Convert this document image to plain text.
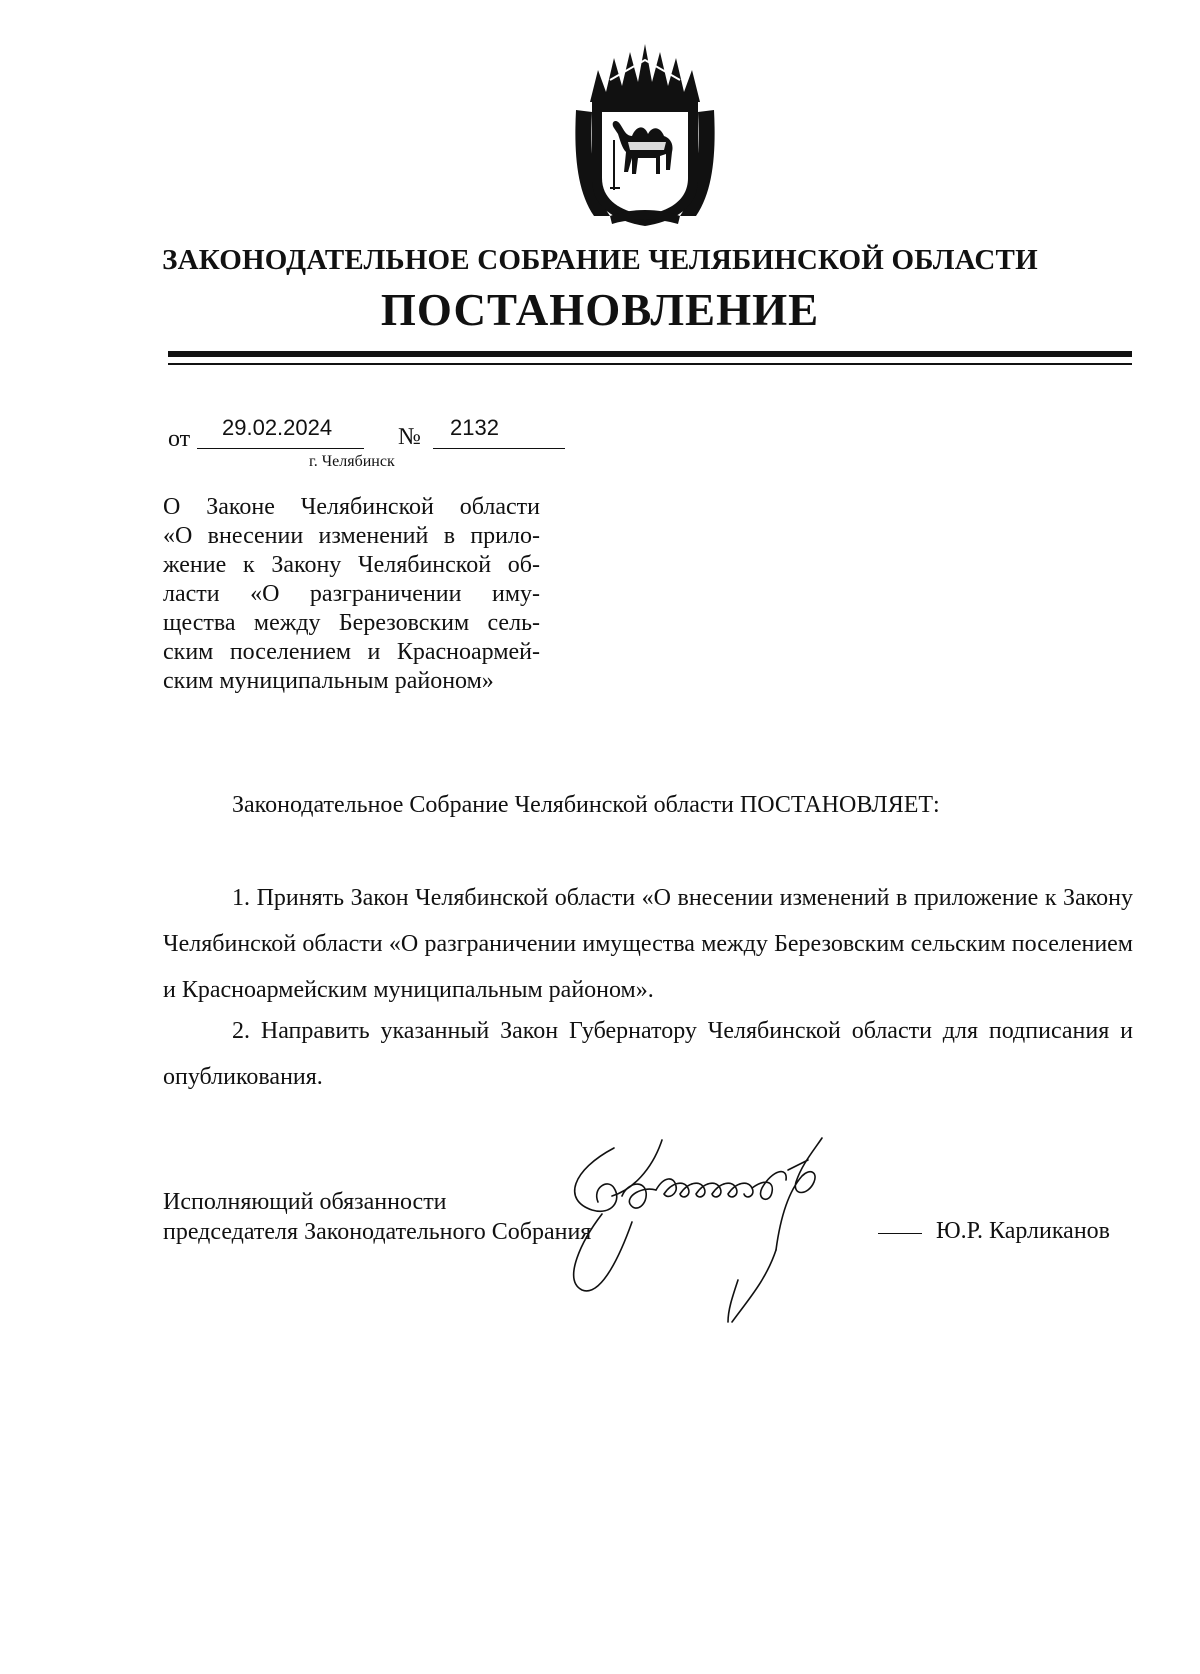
ЗАКОНОДАТЕЛЬНОЕ СОБРАНИЕ ЧЕЛЯБИНСКОЙ ОБЛАСТИ
ПОСТАНОВЛЕНИЕ
от 29.02.2024	№ 2132
г. Челябинск
О Законе Челябинской области
«О внесении изменений в прило-
жение к Закону Челябинской об-
ласти «О разграничении иму-
щества между Березовским сель-
ским поселением и Красноармей-
ским муниципальным районом»
Законодательное Собрание Челябинской области ПОСТАНОВЛЯЕТ:
1. Принять Закон Челябинской области «О внесении изменений в приложение к Закону Челябинской области «О разграничении имущества между Березовским сельским поселением и Красноармейским муниципальным районом».
2. Направить указанный Закон Губернатору Челябинской области для подписания и опубликования.
Исполняющий обязанности
председателя Законодательного Собрания	Ю.Р. Карликанов
